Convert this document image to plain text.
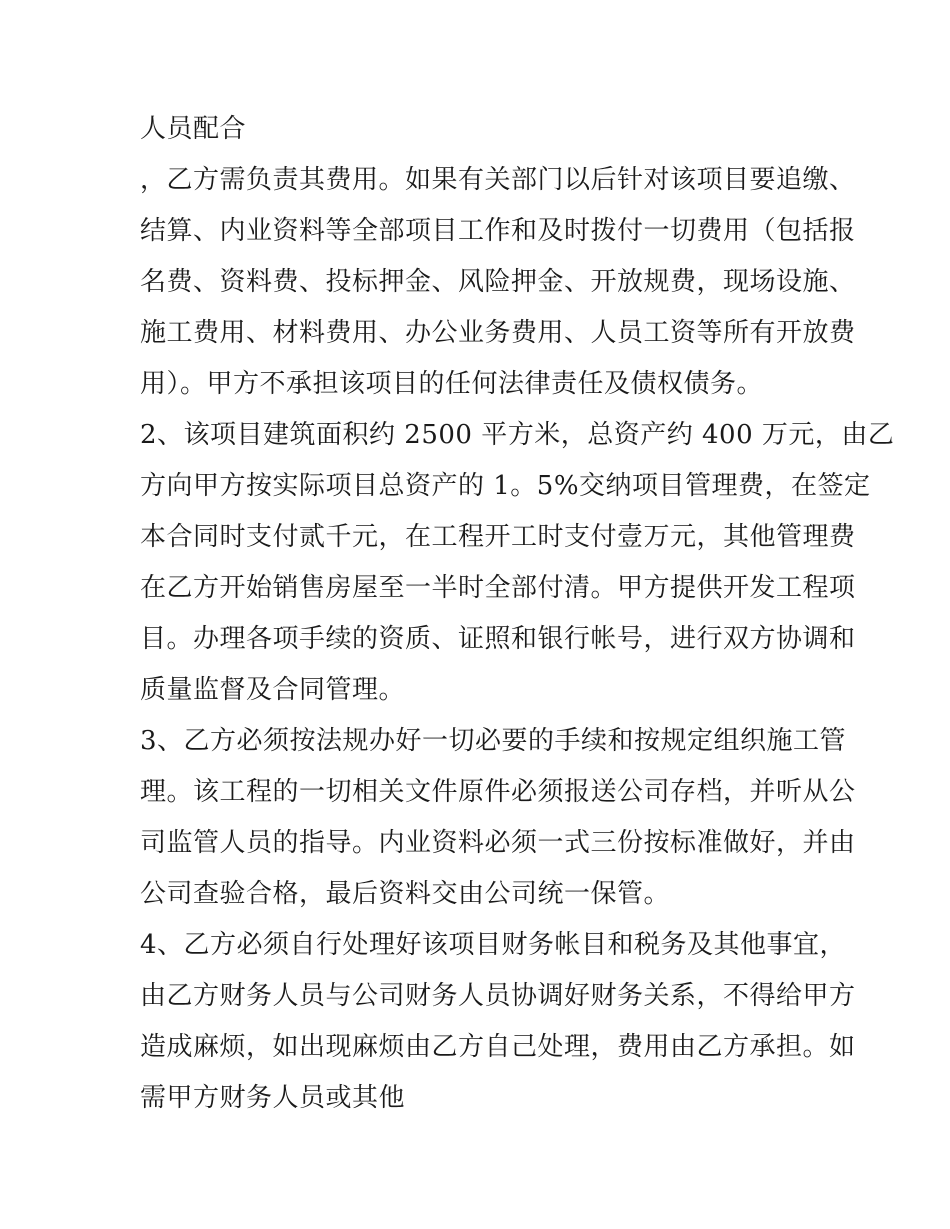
人员配合
，乙方需负责其费用。如果有关部门以后针对该项目要追缴、
结算、内业资料等全部项目工作和及时拨付一切费用（包括报
名费、资料费、投标押金、风险押金、开放规费，现场设施、
施工费用、材料费用、办公业务费用、人员工资等所有开放费
用）。甲方不承担该项目的任何法律责任及债权债务。
2、该项目建筑面积约 2500 平方米，总资产约 400 万元，由乙
方向甲方按实际项目总资产的 1。5%交纳项目管理费，在签定
本合同时支付贰千元，在工程开工时支付壹万元，其他管理费
在乙方开始销售房屋至一半时全部付清。甲方提供开发工程项
目。办理各项手续的资质、证照和银行帐号，进行双方协调和
质量监督及合同管理。
3、乙方必须按法规办好一切必要的手续和按规定组织施工管
理。该工程的一切相关文件原件必须报送公司存档，并听从公
司监管人员的指导。内业资料必须一式三份按标准做好，并由
公司查验合格，最后资料交由公司统一保管。
4、乙方必须自行处理好该项目财务帐目和税务及其他事宜，
由乙方财务人员与公司财务人员协调好财务关系，不得给甲方
造成麻烦，如出现麻烦由乙方自己处理，费用由乙方承担。如
需甲方财务人员或其他
